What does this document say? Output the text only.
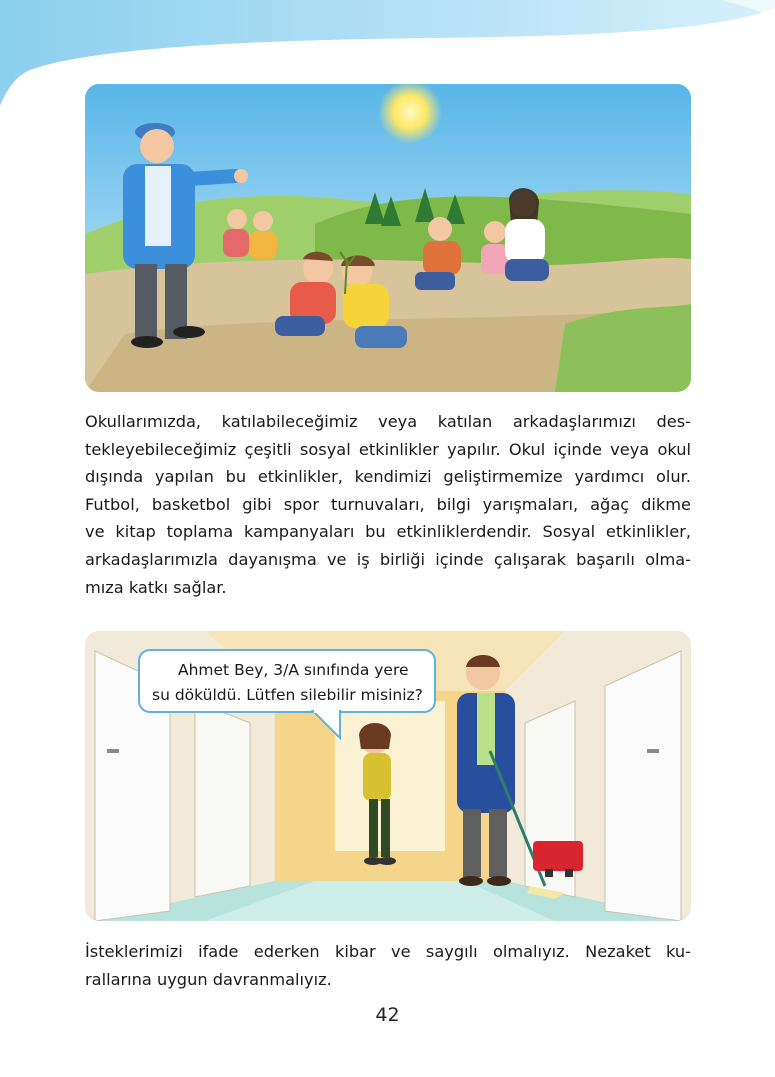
Okullarımızda, katılabileceğimiz veya katılan arkadaşlarımızı des-
tekleyebileceğimiz çeşitli sosyal etkinlikler yapılır. Okul içinde veya okul
dışında yapılan bu etkinlikler, kendimizi geliştirmemize yardımcı olur.
Futbol, basketbol gibi spor turnuvaları, bilgi yarışmaları, ağaç dikme
ve kitap toplama kampanyaları bu etkinliklerdendir. Sosyal etkinlikler,
arkadaşlarımızla dayanışma ve iş birliği içinde çalışarak başarılı olma-
mıza katkı sağlar.

Ahmet Bey, 3/A sınıfında yere
su döküldü. Lütfen silebilir misiniz?

İsteklerimizi ifade ederken kibar ve saygılı olmalıyız. Nezaket ku-
rallarına uygun davranmalıyız.

42
